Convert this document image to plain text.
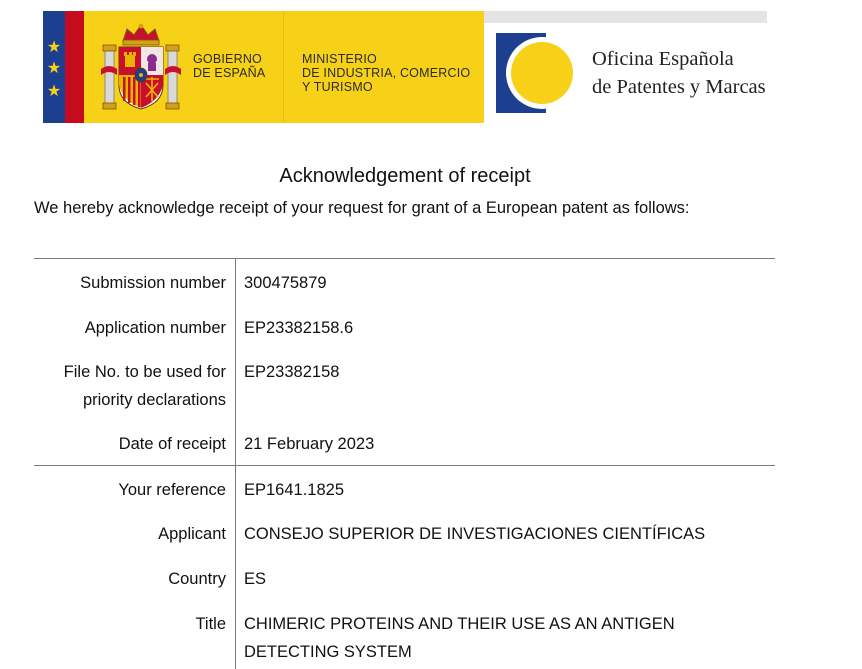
★
★
★
GOBIERNO
DE ESPAÑA
MINISTERIO
DE INDUSTRIA, COMERCIO
Y TURISMO
Oficina Española
de Patentes y Marcas
Acknowledgement of receipt
We hereby acknowledge receipt of your request for grant of a European patent as follows:
Submission number 300475879
Application number EP23382158.6
File No. to be used for priority declarations
EP23382158
Date of receipt 21 February 2023
Your reference EP1641.1825
Applicant CONSEJO SUPERIOR DE INVESTIGACIONES CIENTÍFICAS
Country ES
Title CHIMERIC PROTEINS AND THEIR USE AS AN ANTIGEN DETECTING SYSTEM
